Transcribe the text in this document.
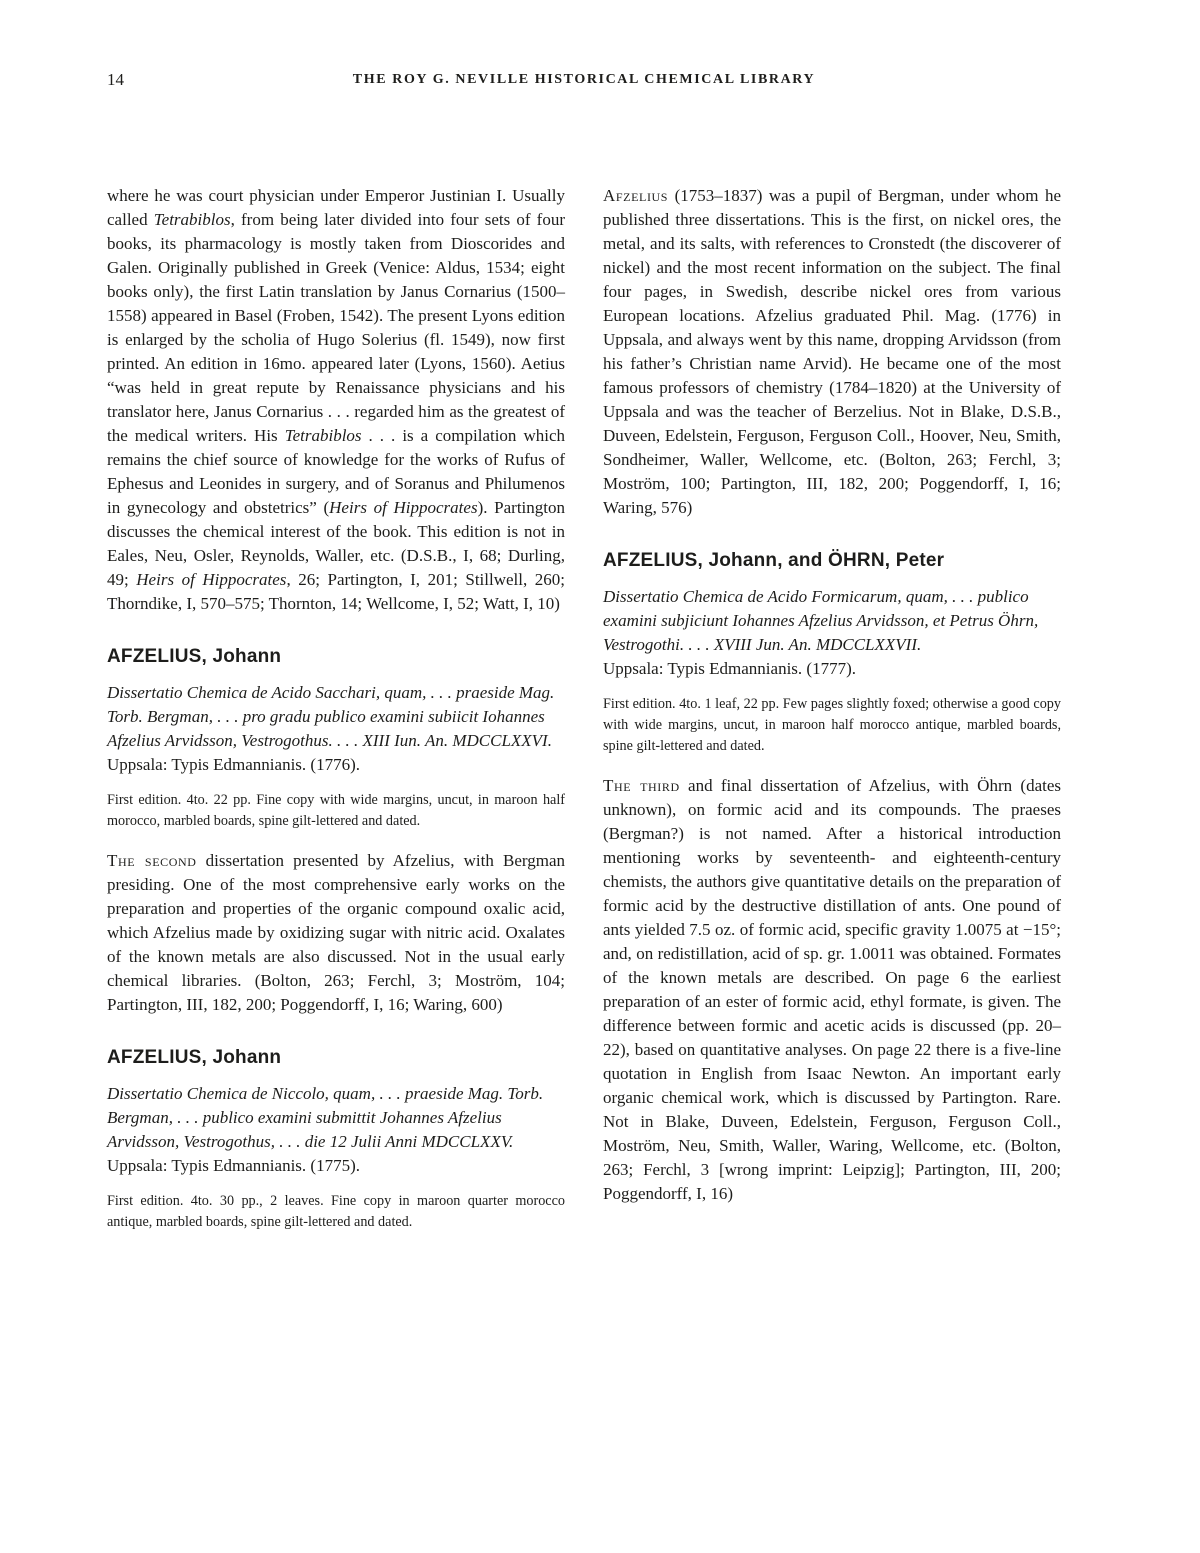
14	THE ROY G. NEVILLE HISTORICAL CHEMICAL LIBRARY

where he was court physician under Emperor Justinian I. Usually called Tetrabiblos, from being later divided into four sets of four books, its pharmacology is mostly taken from Dioscorides and Galen. Originally published in Greek (Venice: Aldus, 1534; eight books only), the first Latin translation by Janus Cornarius (1500–1558) appeared in Basel (Froben, 1542). The present Lyons edition is enlarged by the scholia of Hugo Solerius (fl. 1549), now first printed. An edition in 16mo. appeared later (Lyons, 1560). Aetius “was held in great repute by Renaissance physicians and his translator here, Janus Cornarius . . . regarded him as the greatest of the medical writers. His Tetrabiblos . . . is a compilation which remains the chief source of knowledge for the works of Rufus of Ephesus and Leonides in surgery, and of Soranus and Philumenos in gynecology and obstetrics” (Heirs of Hippocrates). Partington discusses the chemical interest of the book. This edition is not in Eales, Neu, Osler, Reynolds, Waller, etc. (D.S.B., I, 68; Durling, 49; Heirs of Hippocrates, 26; Partington, I, 201; Stillwell, 260; Thorndike, I, 570–575; Thornton, 14; Wellcome, I, 52; Watt, I, 10)

AFZELIUS, Johann
Dissertatio Chemica de Acido Sacchari, quam, . . . praeside Mag. Torb. Bergman, . . . pro gradu publico examini subiicit Iohannes Afzelius Arvidsson, Vestrogothus. . . . XIII Iun. An. MDCCLXXVI.
Uppsala: Typis Edmannianis. (1776).

First edition. 4to. 22 pp. Fine copy with wide margins, uncut, in maroon half morocco, marbled boards, spine gilt-lettered and dated.

The second dissertation presented by Afzelius, with Bergman presiding. One of the most comprehensive early works on the preparation and properties of the organic compound oxalic acid, which Afzelius made by oxidizing sugar with nitric acid. Oxalates of the known metals are also discussed. Not in the usual early chemical libraries. (Bolton, 263; Ferchl, 3; Moström, 104; Partington, III, 182, 200; Poggendorff, I, 16; Waring, 600)

AFZELIUS, Johann
Dissertatio Chemica de Niccolo, quam, . . . praeside Mag. Torb. Bergman, . . . publico examini submittit Johannes Afzelius Arvidsson, Vestrogothus, . . . die 12 Julii Anni MDCCLXXV.
Uppsala: Typis Edmannianis. (1775).

First edition. 4to. 30 pp., 2 leaves. Fine copy in maroon quarter morocco antique, marbled boards, spine gilt-lettered and dated.

Afzelius (1753–1837) was a pupil of Bergman, under whom he published three dissertations. This is the first, on nickel ores, the metal, and its salts, with references to Cronstedt (the discoverer of nickel) and the most recent information on the subject. The final four pages, in Swedish, describe nickel ores from various European locations. Afzelius graduated Phil. Mag. (1776) in Uppsala, and always went by this name, dropping Arvidsson (from his father’s Christian name Arvid). He became one of the most famous professors of chemistry (1784–1820) at the University of Uppsala and was the teacher of Berzelius. Not in Blake, D.S.B., Duveen, Edelstein, Ferguson, Ferguson Coll., Hoover, Neu, Smith, Sondheimer, Waller, Wellcome, etc. (Bolton, 263; Ferchl, 3; Moström, 100; Partington, III, 182, 200; Poggendorff, I, 16; Waring, 576)

AFZELIUS, Johann, and ÖHRN, Peter
Dissertatio Chemica de Acido Formicarum, quam, . . . publico examini subjiciunt Iohannes Afzelius Arvidsson, et Petrus Öhrn, Vestrogothi. . . . XVIII Jun. An. MDCCLXXVII.
Uppsala: Typis Edmannianis. (1777).

First edition. 4to. 1 leaf, 22 pp. Few pages slightly foxed; otherwise a good copy with wide margins, uncut, in maroon half morocco antique, marbled boards, spine gilt-lettered and dated.

The third and final dissertation of Afzelius, with Öhrn (dates unknown), on formic acid and its compounds. The praeses (Bergman?) is not named. After a historical introduction mentioning works by seventeenth- and eighteenth-century chemists, the authors give quantitative details on the preparation of formic acid by the destructive distillation of ants. One pound of ants yielded 7.5 oz. of formic acid, specific gravity 1.0075 at −15°; and, on redistillation, acid of sp. gr. 1.0011 was obtained. Formates of the known metals are described. On page 6 the earliest preparation of an ester of formic acid, ethyl formate, is given. The difference between formic and acetic acids is discussed (pp. 20–22), based on quantitative analyses. On page 22 there is a five-line quotation in English from Isaac Newton. An important early organic chemical work, which is discussed by Partington. Rare. Not in Blake, Duveen, Edelstein, Ferguson, Ferguson Coll., Moström, Neu, Smith, Waller, Waring, Wellcome, etc. (Bolton, 263; Ferchl, 3 [wrong imprint: Leipzig]; Partington, III, 200; Poggendorff, I, 16)
